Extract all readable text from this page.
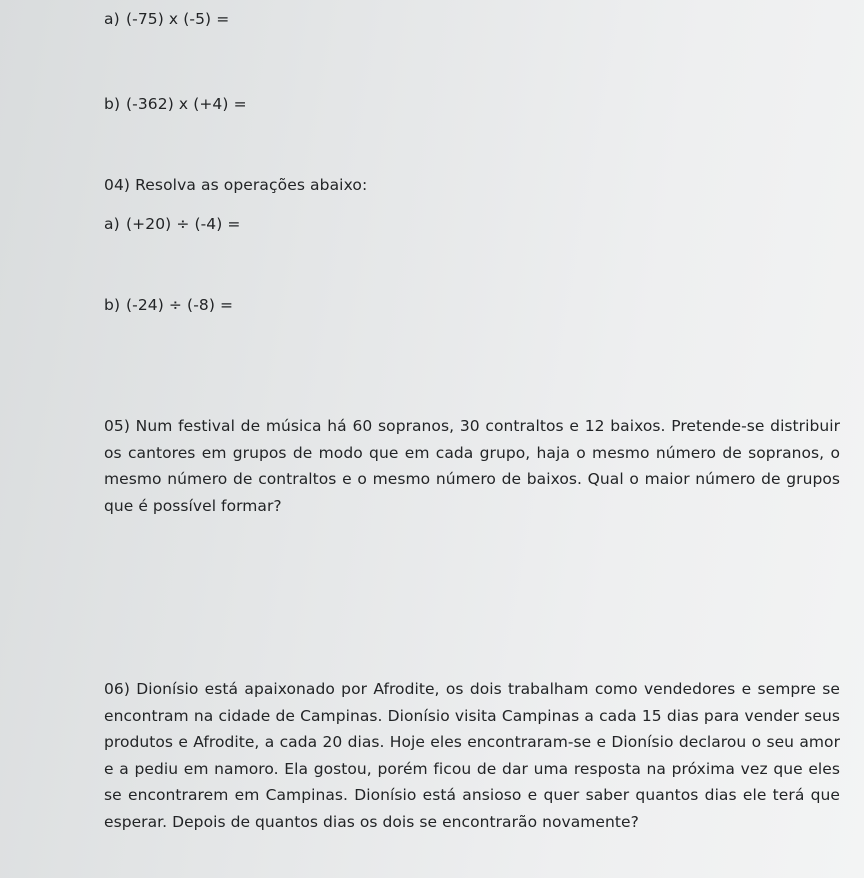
a) (-75) x (-5) =
b) (-362) x (+4) =
04) Resolva as operações abaixo:
a) (+20) ÷ (-4) =
b) (-24) ÷ (-8) =
05) Num festival de música há 60 sopranos, 30 contraltos e 12 baixos. Pretende-se distribuir os cantores em grupos de modo que em cada grupo, haja o mesmo número de sopranos, o mesmo número de contraltos e o mesmo número de baixos. Qual o maior número de grupos que é possível formar?
06) Dionísio está apaixonado por Afrodite, os dois trabalham como vendedores e sempre se encontram na cidade de Campinas. Dionísio visita Campinas a cada 15 dias para vender seus produtos e Afrodite, a cada 20 dias. Hoje eles encontraram-se e Dionísio declarou o seu amor e a pediu em namoro. Ela gostou, porém ficou de dar uma resposta na próxima vez que eles se encontrarem em Campinas. Dionísio está ansioso e quer saber quantos dias ele terá que esperar. Depois de quantos dias os dois se encontrarão novamente?
